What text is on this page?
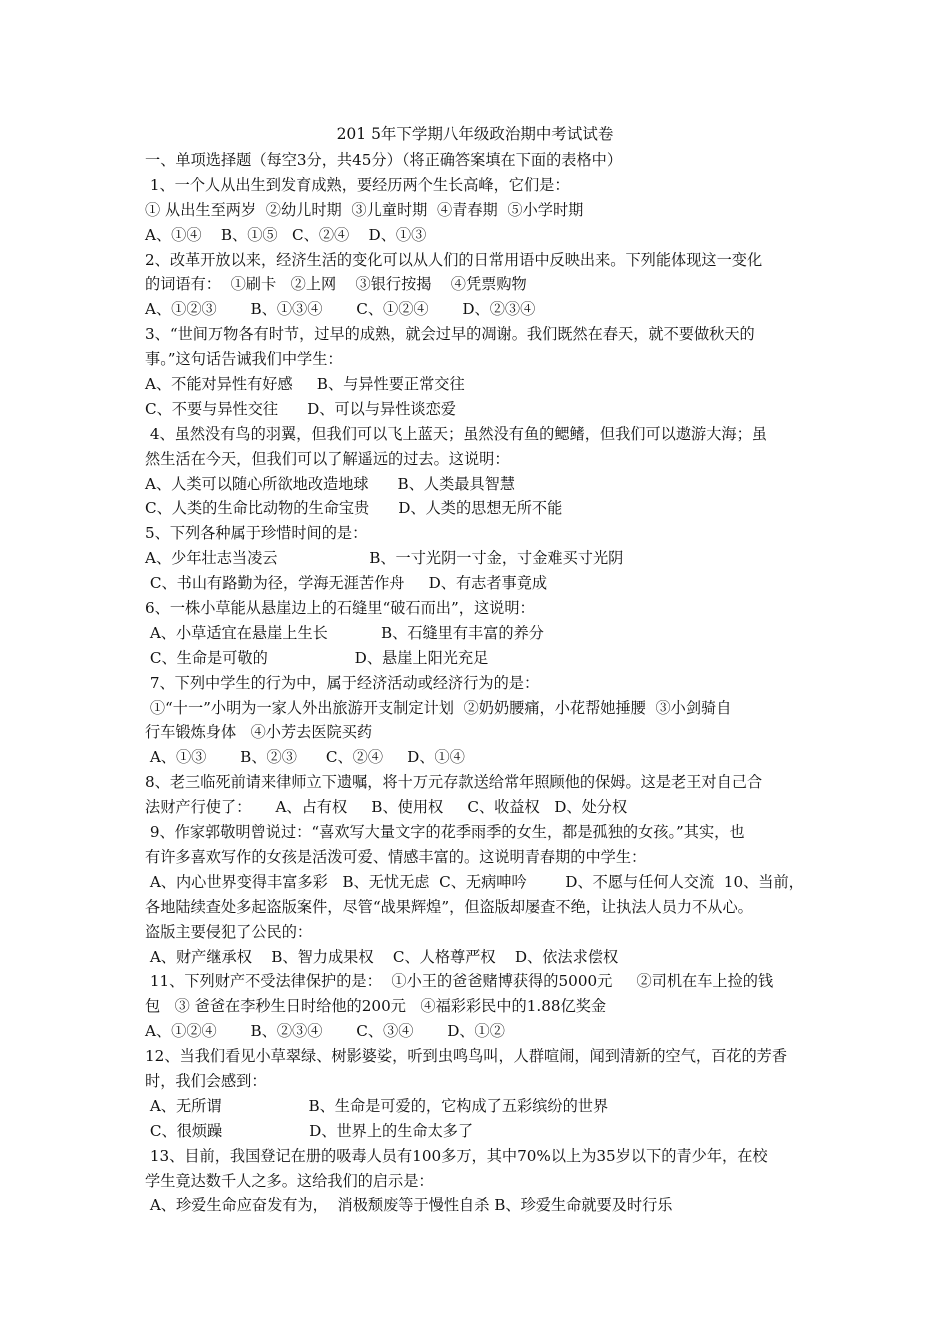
201 5年下学期八年级政治期中考试试卷
一、单项选择题（每空3分，共45分）（将正确答案填在下面的表格中）
1、一个人从出生到发育成熟，要经历两个生长高峰，它们是：
① 从出生至两岁  ②幼儿时期  ③儿童时期  ④青春期  ⑤小学时期
A、①④    B、①⑤   C、②④    D、①③
2、改革开放以来，经济生活的变化可以从人们的日常用语中反映出来。下列能体现这一变化
的词语有：  ①刷卡   ②上网    ③银行按揭    ④凭票购物
A、①②③       B、①③④       C、①②④       D、②③④
3、“世间万物各有时节，过早的成熟，就会过早的凋谢。我们既然在春天，就不要做秋天的
事。”这句话告诫我们中学生：
A、不能对异性有好感     B、与异性要正常交往
C、不要与异性交往      D、可以与异性谈恋爱
4、虽然没有鸟的羽翼，但我们可以飞上蓝天；虽然没有鱼的鳃鳍，但我们可以遨游大海；虽
然生活在今天，但我们可以了解遥远的过去。这说明：
A、人类可以随心所欲地改造地球      B、人类最具智慧
C、人类的生命比动物的生命宝贵      D、人类的思想无所不能
5、下列各种属于珍惜时间的是：
A、少年壮志当凌云                   B、一寸光阴一寸金，寸金难买寸光阴
C、书山有路勤为径，学海无涯苦作舟     D、有志者事竟成
6、一株小草能从悬崖边上的石缝里“破石而出”，这说明：
A、小草适宜在悬崖上生长           B、石缝里有丰富的养分
C、生命是可敬的                  D、悬崖上阳光充足
7、下列中学生的行为中，属于经济活动或经济行为的是：
①“十一”小明为一家人外出旅游开支制定计划  ②奶奶腰痛，小花帮她捶腰  ③小剑骑自
行车锻炼身体   ④小芳去医院买药
A、①③       B、②③      C、②④     D、①④
8、老三临死前请来律师立下遗嘱，将十万元存款送给常年照顾他的保姆。这是老王对自己合
法财产行使了：     A、占有权     B、使用权     C、收益权   D、处分权
9、作家郭敬明曾说过：“喜欢写大量文字的花季雨季的女生，都是孤独的女孩。”其实，也
有许多喜欢写作的女孩是活泼可爱、情感丰富的。这说明青春期的中学生：
A、内心世界变得丰富多彩   B、无忧无虑  C、无病呻吟        D、不愿与任何人交流  10、当前，
各地陆续查处多起盗版案件，尽管“战果辉煌”，但盗版却屡查不绝，让执法人员力不从心。
盗版主要侵犯了公民的：
A、财产继承权    B、智力成果权    C、人格尊严权    D、依法求偿权
11、下列财产不受法律保护的是：  ①小王的爸爸赌博获得的5000元     ②司机在车上捡的钱
包   ③ 爸爸在李秒生日时给他的200元   ④福彩彩民中的1.88亿奖金
A、①②④       B、②③④       C、③④       D、①②
12、当我们看见小草翠绿、树影婆娑，听到虫鸣鸟叫，人群喧闹，闻到清新的空气，百花的芳香
时，我们会感到：
A、无所谓                  B、生命是可爱的，它构成了五彩缤纷的世界
C、很烦躁                  D、世界上的生命太多了
13、目前，我国登记在册的吸毒人员有100多万，其中70%以上为35岁以下的青少年，在校
学生竟达数千人之多。这给我们的启示是：
A、珍爱生命应奋发有为，  消极颓废等于慢性自杀 B、珍爱生命就要及时行乐
